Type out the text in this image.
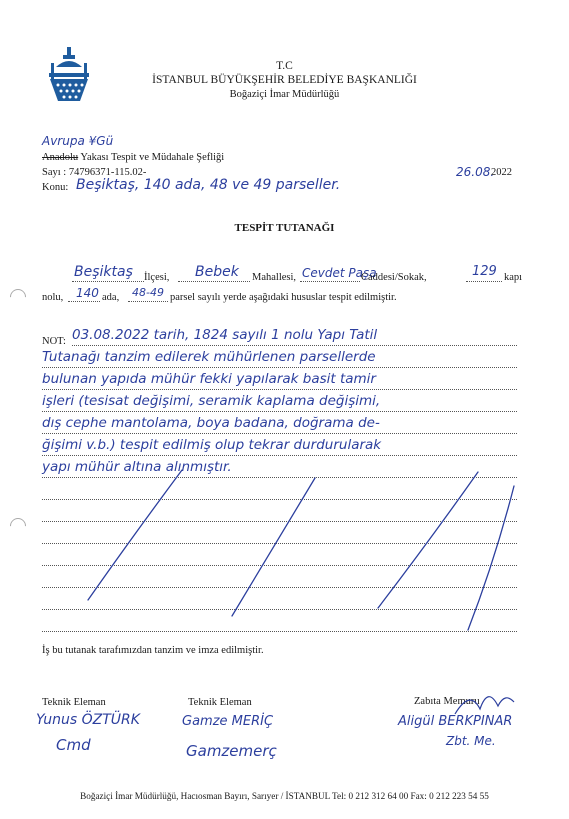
T.C
İSTANBUL BÜYÜKŞEHİR BELEDİYE BAŞKANLIĞI
Boğaziçi İmar Müdürlüğü
Avrupa ¥Gü
Anadolu Yakası Tespit ve Müdahale Şefliği
Sayı : 74796371-115.02-
Konu: Beşiktaş, 140 ada, 48 ve 49 parseller.
26.08.
2022
TESPİT TUTANAĞI
Beşiktaş İlçesi, Bebek Mahallesi, Cevdet Paşa
Caddesi/Sokak,	129 kapı
nolu, 140 ada, 48-49 parsel sayılı yerde aşağıdaki hususlar tespit edilmiştir.
NOT: 03.08.2022 tarih, 1824 sayılı 1 nolu Yapı Tatil
Tutanağı tanzim edilerek mühürlenen parsellerde
bulunan yapıda mühür fekki yapılarak basit tamir
işleri (tesisat değişimi, seramik kaplama değişimi,
dış cephe mantolama, boya badana, doğrama de-
ğişimi v.b.) tespit edilmiş olup tekrar durdurularak
yapı mühür altına alınmıştır.
İş bu tutanak tarafımızdan tanzim ve imza edilmiştir.
Teknik Eleman
Yunus ÖZTÜRK
Cmd
Teknik Eleman
Gamze MERİÇ
Gamzemerç
Zabıta Memuru
Aligül BERKPINAR
Zbt. Me.
Boğaziçi İmar Müdürlüğü, Hacıosman Bayırı, Sarıyer / İSTANBUL Tel: 0 212 312 64 00 Fax: 0 212 223 54 55
